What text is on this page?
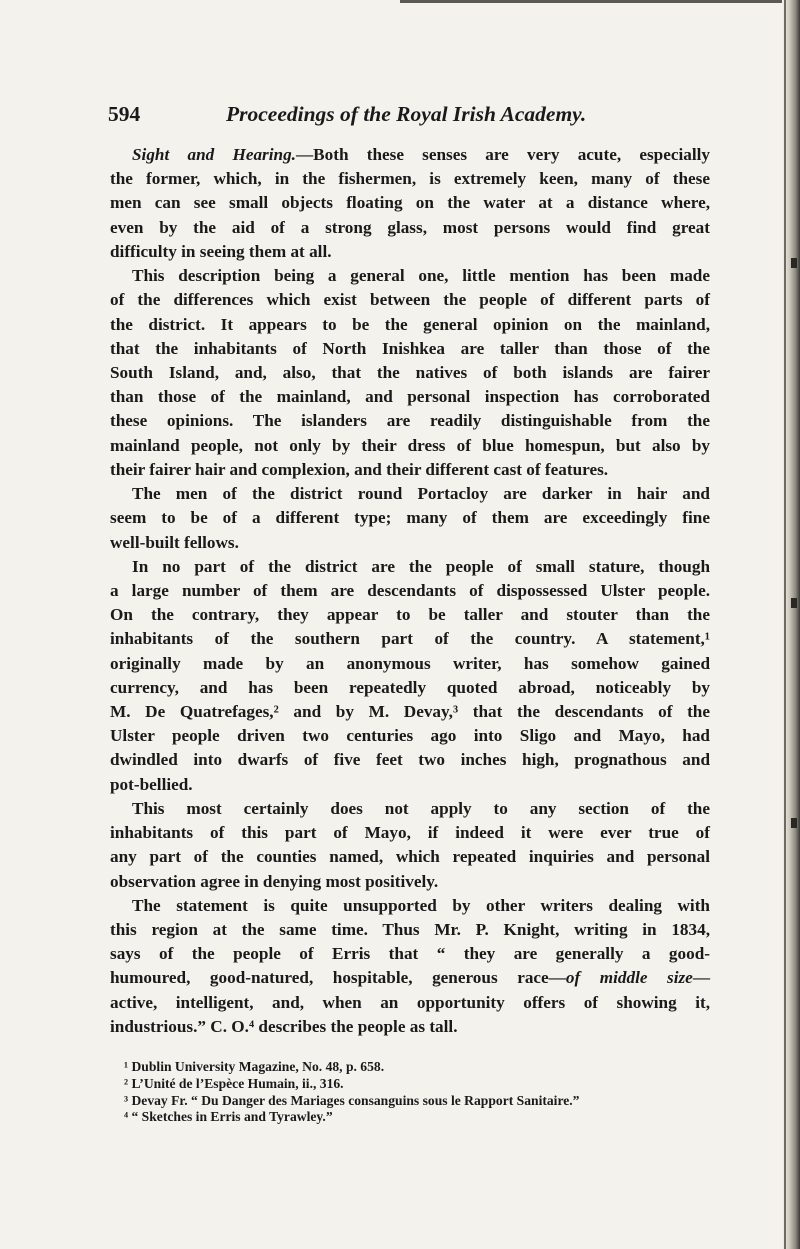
594	Proceedings of the Royal Irish Academy.
Sight and Hearing.—Both these senses are very acute, especially
the former, which, in the fishermen, is extremely keen, many of these
men can see small objects floating on the water at a distance where,
even by the aid of a strong glass, most persons would find great
difficulty in seeing them at all.
This description being a general one, little mention has been made
of the differences which exist between the people of different parts of
the district. It appears to be the general opinion on the mainland,
that the inhabitants of North Inishkea are taller than those of the
South Island, and, also, that the natives of both islands are fairer
than those of the mainland, and personal inspection has corroborated
these opinions. The islanders are readily distinguishable from the
mainland people, not only by their dress of blue homespun, but also by
their fairer hair and complexion, and their different cast of features.
The men of the district round Portacloy are darker in hair and
seem to be of a different type; many of them are exceedingly fine
well-built fellows.
In no part of the district are the people of small stature, though
a large number of them are descendants of dispossessed Ulster people.
On the contrary, they appear to be taller and stouter than the
inhabitants of the southern part of the country. A statement,¹
originally made by an anonymous writer, has somehow gained
currency, and has been repeatedly quoted abroad, noticeably by
M. De Quatrefages,² and by M. Devay,³ that the descendants of the
Ulster people driven two centuries ago into Sligo and Mayo, had
dwindled into dwarfs of five feet two inches high, prognathous and
pot-bellied.
This most certainly does not apply to any section of the
inhabitants of this part of Mayo, if indeed it were ever true of
any part of the counties named, which repeated inquiries and personal
observation agree in denying most positively.
The statement is quite unsupported by other writers dealing with
this region at the same time. Thus Mr. P. Knight, writing in 1834,
says of the people of Erris that “ they are generally a good-
humoured, good-natured, hospitable, generous race—of middle size—
active, intelligent, and, when an opportunity offers of showing it,
industrious.” C. O.⁴ describes the people as tall.
¹ Dublin University Magazine, No. 48, p. 658.
² L’Unité de l’Espèce Humain, ii., 316.
³ Devay Fr. “ Du Danger des Mariages consanguins sous le Rapport Sanitaire.”
⁴ “ Sketches in Erris and Tyrawley.”
